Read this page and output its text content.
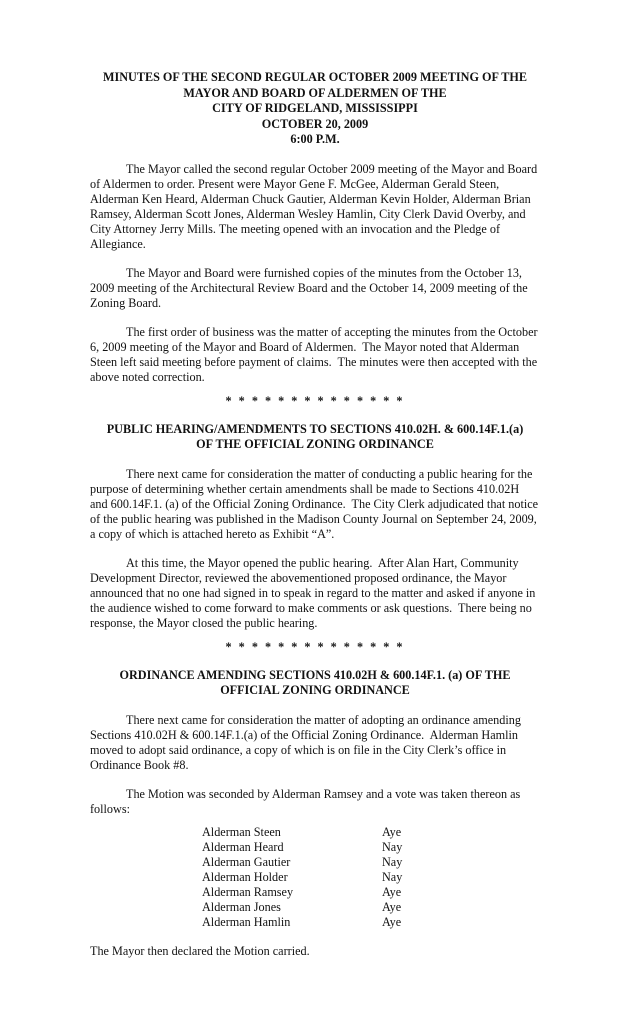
MINUTES OF THE SECOND REGULAR OCTOBER 2009 MEETING OF THE
MAYOR AND BOARD OF ALDERMEN OF THE
CITY OF RIDGELAND, MISSISSIPPI
OCTOBER 20, 2009
6:00 P.M.

The Mayor called the second regular October 2009 meeting of the Mayor and Board of Aldermen to order. Present were Mayor Gene F. McGee, Alderman Gerald Steen, Alderman Ken Heard, Alderman Chuck Gautier, Alderman Kevin Holder, Alderman Brian Ramsey, Alderman Scott Jones, Alderman Wesley Hamlin, City Clerk David Overby, and City Attorney Jerry Mills. The meeting opened with an invocation and the Pledge of Allegiance.

The Mayor and Board were furnished copies of the minutes from the October 13, 2009 meeting of the Architectural Review Board and the October 14, 2009 meeting of the Zoning Board.

The first order of business was the matter of accepting the minutes from the October 6, 2009 meeting of the Mayor and Board of Aldermen.  The Mayor noted that Alderman Steen left said meeting before payment of claims.  The minutes were then accepted with the above noted correction.

* * * * * * * * * * * * * *
PUBLIC HEARING/AMENDMENTS TO SECTIONS 410.02H. & 600.14F.1.(a)
OF THE OFFICIAL ZONING ORDINANCE

There next came for consideration the matter of conducting a public hearing for the purpose of determining whether certain amendments shall be made to Sections 410.02H  and 600.14F.1. (a) of the Official Zoning Ordinance.  The City Clerk adjudicated that notice of the public hearing was published in the Madison County Journal on September 24, 2009, a copy of which is attached hereto as Exhibit “A”.

At this time, the Mayor opened the public hearing.  After Alan Hart, Community Development Director, reviewed the abovementioned proposed ordinance, the Mayor announced that no one had signed in to speak in regard to the matter and asked if anyone in the audience wished to come forward to make comments or ask questions.  There being no response, the Mayor closed the public hearing.

* * * * * * * * * * * * * *
ORDINANCE AMENDING SECTIONS 410.02H & 600.14F.1. (a) OF THE
OFFICIAL ZONING ORDINANCE

There next came for consideration the matter of adopting an ordinance amending Sections 410.02H & 600.14F.1.(a) of the Official Zoning Ordinance.  Alderman Hamlin moved to adopt said ordinance, a copy of which is on file in the City Clerk’s office in Ordinance Book #8.

The Motion was seconded by Alderman Ramsey and a vote was taken thereon as follows:

Alderman Steen	Aye
Alderman Heard	Nay
Alderman Gautier	Nay
Alderman Holder	Nay
Alderman Ramsey	Aye
Alderman Jones	Aye
Alderman Hamlin	Aye

The Mayor then declared the Motion carried.
